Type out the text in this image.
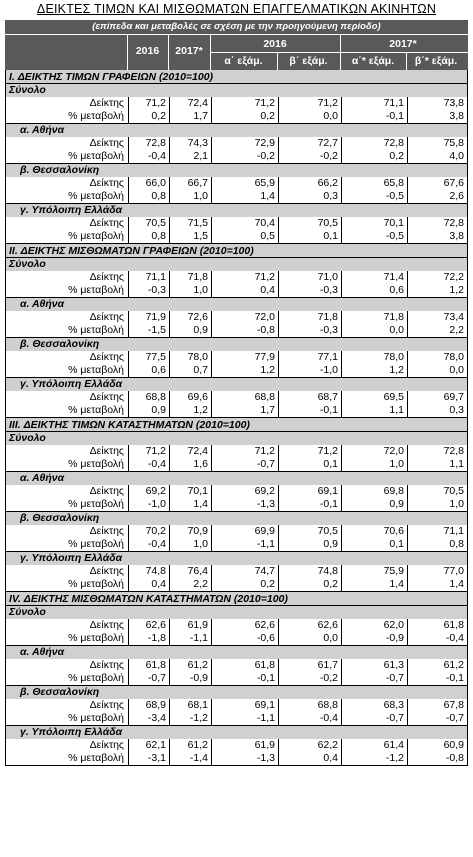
ΔΕΙΚΤΕΣ ΤΙΜΩΝ ΚΑΙ ΜΙΣΘΩΜΑΤΩΝ ΕΠΑΓΓΕΛΜΑΤΙΚΩΝ ΑΚΙΝΗΤΩΝ
(επίπεδα και μεταβολές σε σχέση με την προηγούμενη περίοδο)
2016	2017*
2016	2017*
α΄ εξάμ.	β΄ εξάμ.	α΄* εξάμ.	β΄* εξάμ.
I. ΔΕΙΚΤΗΣ ΤΙΜΩΝ ΓΡΑΦΕΙΩΝ (2010=100)
Σύνολο
Δείκτης	71,2	72,4	71,2	71,2	71,1	73,8
% μεταβολή	0,2	1,7	0,2	0,0	-0,1	3,8
α. Αθήνα
Δείκτης	72,8	74,3	72,9	72,7	72,8	75,8
% μεταβολή	-0,4	2,1	-0,2	-0,2	0,2	4,0
β. Θεσσαλονίκη
Δείκτης	66,0	66,7	65,9	66,2	65,8	67,6
% μεταβολή	0,8	1,0	1,4	0,3	-0,5	2,6
γ. Υπόλοιπη Ελλάδα
Δείκτης	70,5	71,5	70,4	70,5	70,1	72,8
% μεταβολή	0,8	1,5	0,5	0,1	-0,5	3,8
II. ΔΕΙΚΤΗΣ ΜΙΣΘΩΜΑΤΩΝ ΓΡΑΦΕΙΩΝ (2010=100)
Σύνολο
Δείκτης	71,1	71,8	71,2	71,0	71,4	72,2
% μεταβολή	-0,3	1,0	0,4	-0,3	0,6	1,2
α. Αθήνα
Δείκτης	71,9	72,6	72,0	71,8	71,8	73,4
% μεταβολή	-1,5	0,9	-0,8	-0,3	0,0	2,2
β. Θεσσαλονίκη
Δείκτης	77,5	78,0	77,9	77,1	78,0	78,0
% μεταβολή	0,6	0,7	1,2	-1,0	1,2	0,0
γ. Υπόλοιπη Ελλάδα
Δείκτης	68,8	69,6	68,8	68,7	69,5	69,7
% μεταβολή	0,9	1,2	1,7	-0,1	1,1	0,3
III. ΔΕΙΚΤΗΣ ΤΙΜΩΝ ΚΑΤΑΣΤΗΜΑΤΩΝ (2010=100)
Σύνολο
Δείκτης	71,2	72,4	71,2	71,2	72,0	72,8
% μεταβολή	-0,4	1,6	-0,7	0,1	1,0	1,1
α. Αθήνα
Δείκτης	69,2	70,1	69,2	69,1	69,8	70,5
% μεταβολή	-1,0	1,4	-1,3	-0,1	0,9	1,0
β. Θεσσαλονίκη
Δείκτης	70,2	70,9	69,9	70,5	70,6	71,1
% μεταβολή	-0,4	1,0	-1,1	0,9	0,1	0,8
γ. Υπόλοιπη Ελλάδα
Δείκτης	74,8	76,4	74,7	74,8	75,9	77,0
% μεταβολή	0,4	2,2	0,2	0,2	1,4	1,4
IV. ΔΕΙΚΤΗΣ ΜΙΣΘΩΜΑΤΩΝ ΚΑΤΑΣΤΗΜΑΤΩΝ (2010=100)
Σύνολο
Δείκτης	62,6	61,9	62,6	62,6	62,0	61,8
% μεταβολή	-1,8	-1,1	-0,6	0,0	-0,9	-0,4
α. Αθήνα
Δείκτης	61,8	61,2	61,8	61,7	61,3	61,2
% μεταβολή	-0,7	-0,9	-0,1	-0,2	-0,7	-0,1
β. Θεσσαλονίκη
Δείκτης	68,9	68,1	69,1	68,8	68,3	67,8
% μεταβολή	-3,4	-1,2	-1,1	-0,4	-0,7	-0,7
γ. Υπόλοιπη Ελλάδα
Δείκτης	62,1	61,2	61,9	62,2	61,4	60,9
% μεταβολή	-3,1	-1,4	-1,3	0,4	-1,2	-0,8
